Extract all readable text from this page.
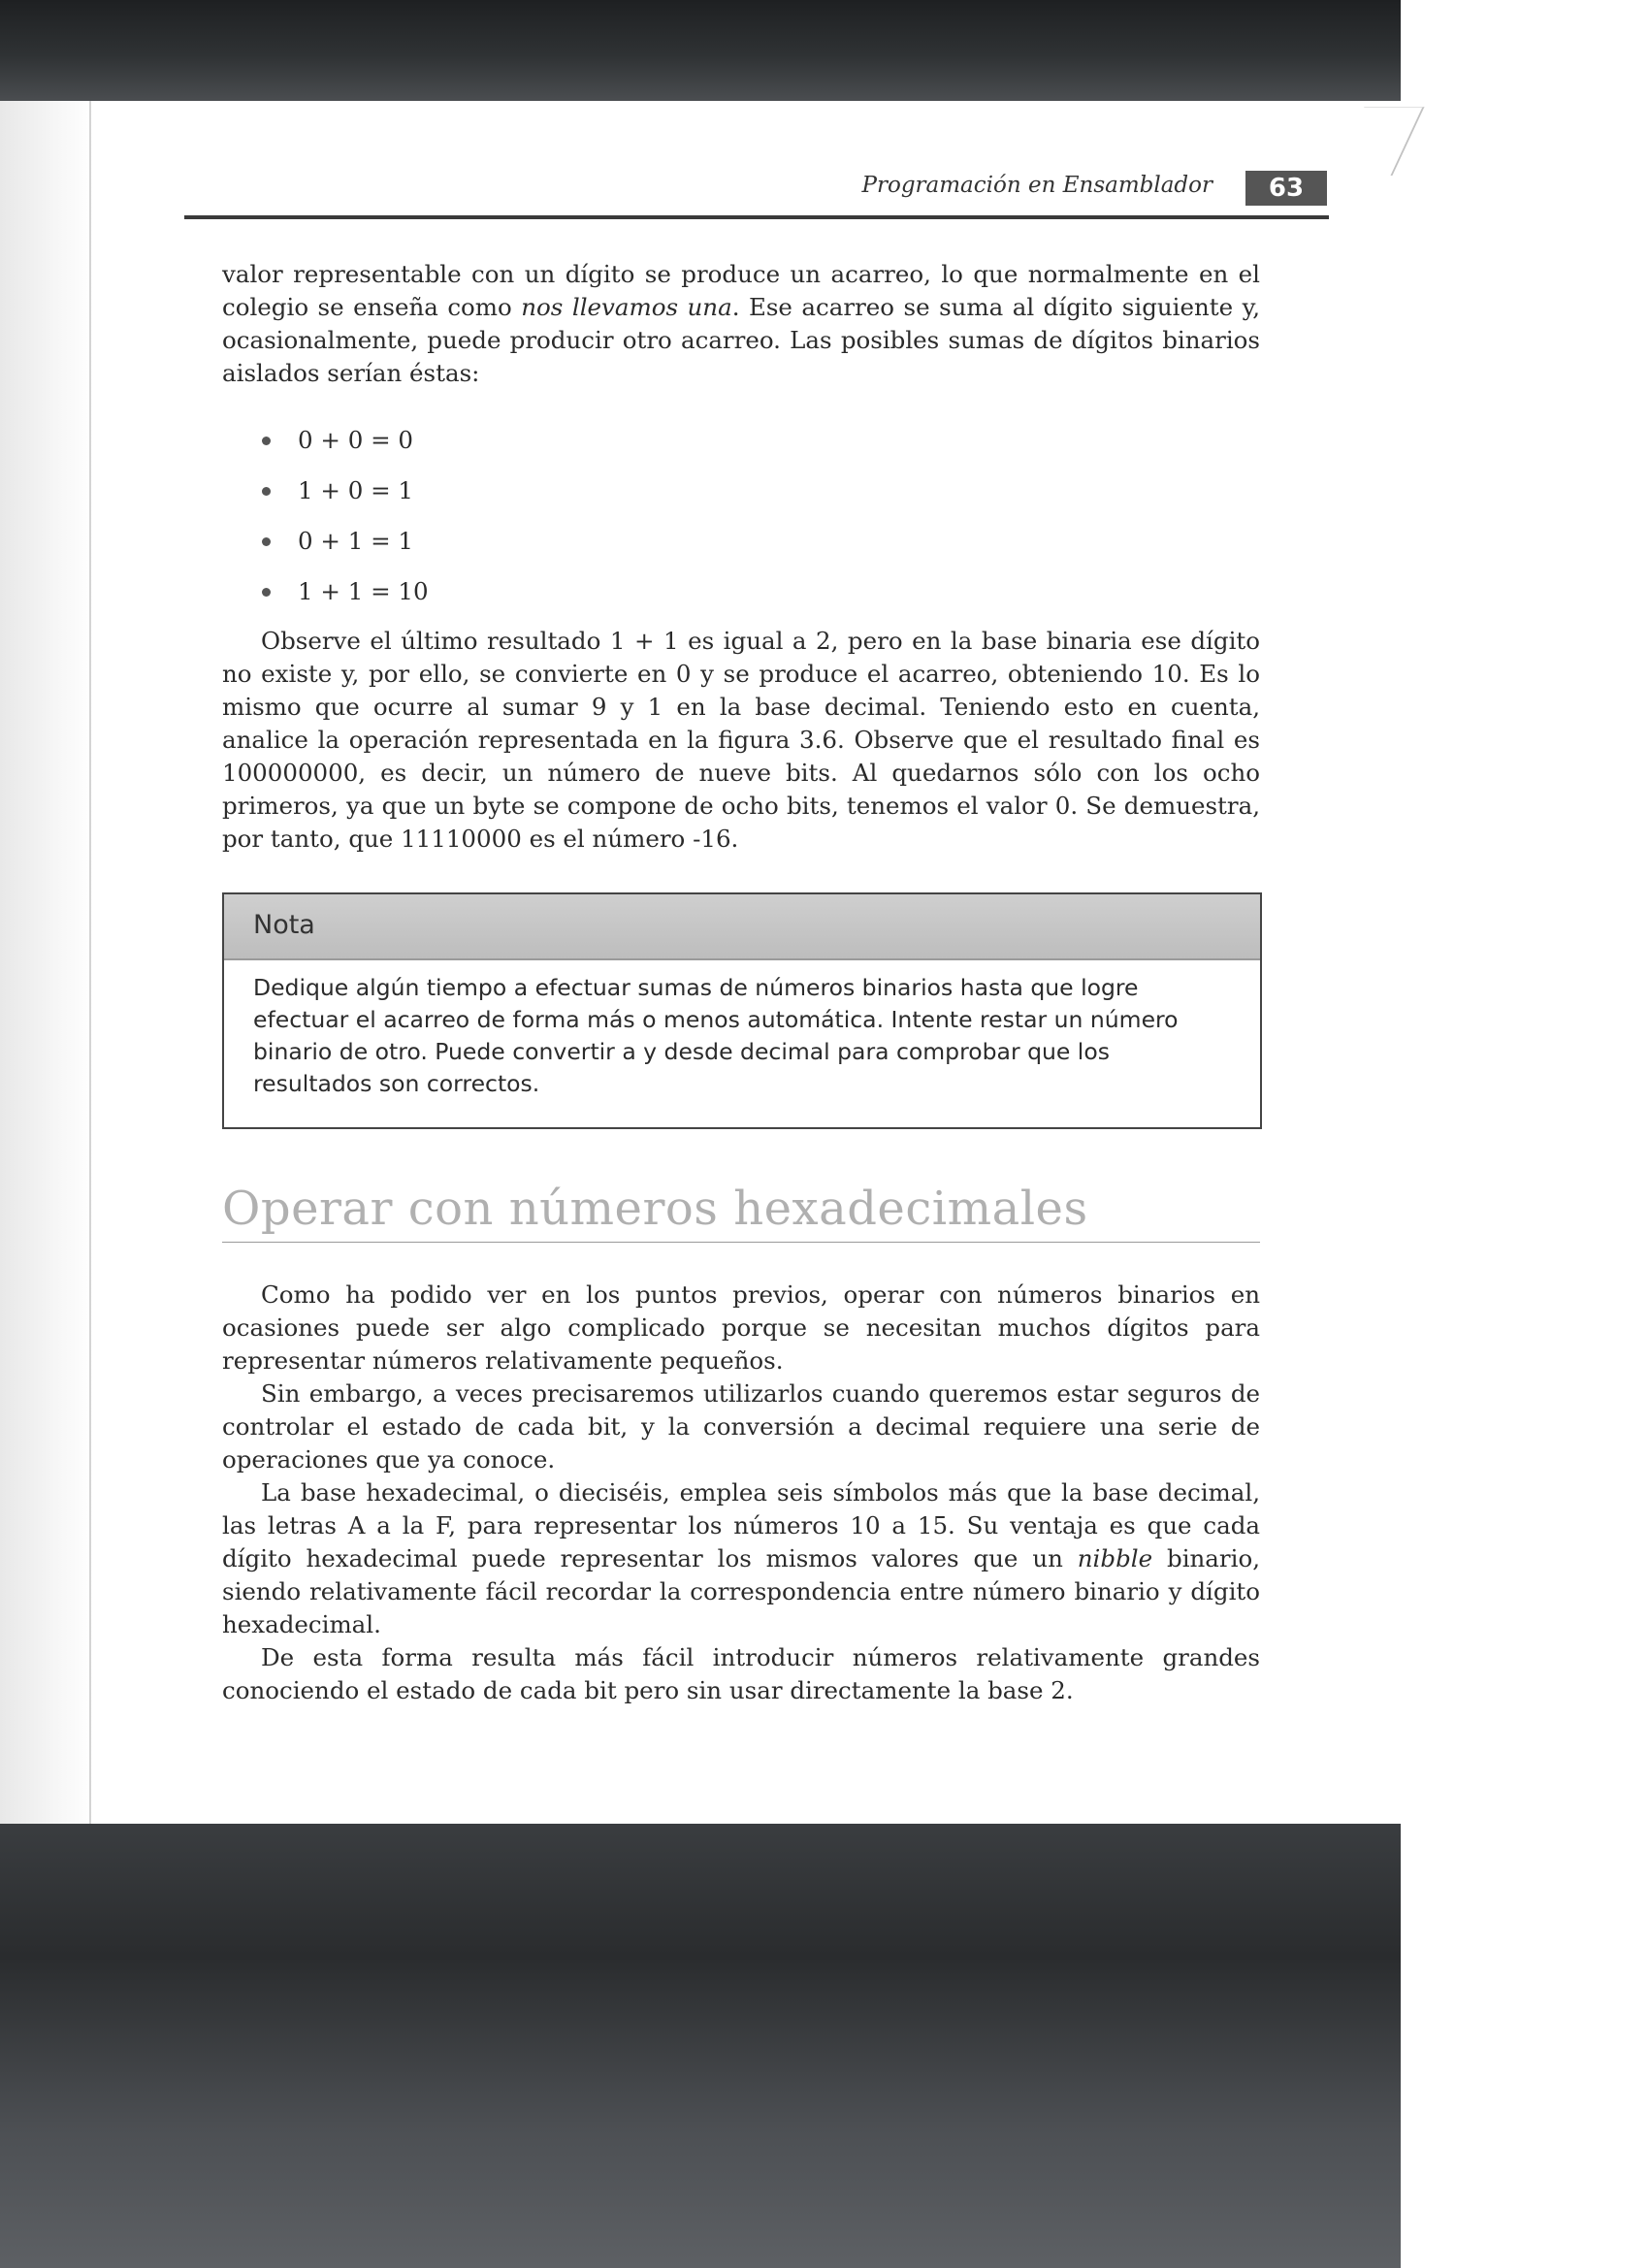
Programación en Ensamblador	63

valor representable con un dígito se produce un acarreo, lo que normalmente en el colegio se enseña como nos llevamos una. Ese acarreo se suma al dígito siguiente y, ocasionalmente, puede producir otro acarreo. Las posibles sumas de dígitos binarios aislados serían éstas:

0 + 0 = 0
1 + 0 = 1
0 + 1 = 1
1 + 1 = 10

Observe el último resultado 1 + 1 es igual a 2, pero en la base binaria ese dígito no existe y, por ello, se convierte en 0 y se produce el acarreo, obteniendo 10. Es lo mismo que ocurre al sumar 9 y 1 en la base decimal. Teniendo esto en cuenta, analice la operación representada en la figura 3.6. Observe que el resultado final es 100000000, es decir, un número de nueve bits. Al quedarnos sólo con los ocho primeros, ya que un byte se compone de ocho bits, tenemos el valor 0. Se demuestra, por tanto, que 11110000 es el número -16.

Nota
Dedique algún tiempo a efectuar sumas de números binarios hasta que logre efectuar el acarreo de forma más o menos automática. Intente restar un número binario de otro. Puede convertir a y desde decimal para comprobar que los resultados son correctos.
Operar con números hexadecimales

Como ha podido ver en los puntos previos, operar con números binarios en ocasiones puede ser algo complicado porque se necesitan muchos dígitos para representar números relativamente pequeños.

Sin embargo, a veces precisaremos utilizarlos cuando queremos estar seguros de controlar el estado de cada bit, y la conversión a decimal requiere una serie de operaciones que ya conoce.

La base hexadecimal, o dieciséis, emplea seis símbolos más que la base decimal, las letras A a la F, para representar los números 10 a 15. Su ventaja es que cada dígito hexadecimal puede representar los mismos valores que un nibble binario, siendo relativamente fácil recordar la correspondencia entre número binario y dígito hexadecimal.

De esta forma resulta más fácil introducir números relativamente grandes conociendo el estado de cada bit pero sin usar directamente la base 2.
